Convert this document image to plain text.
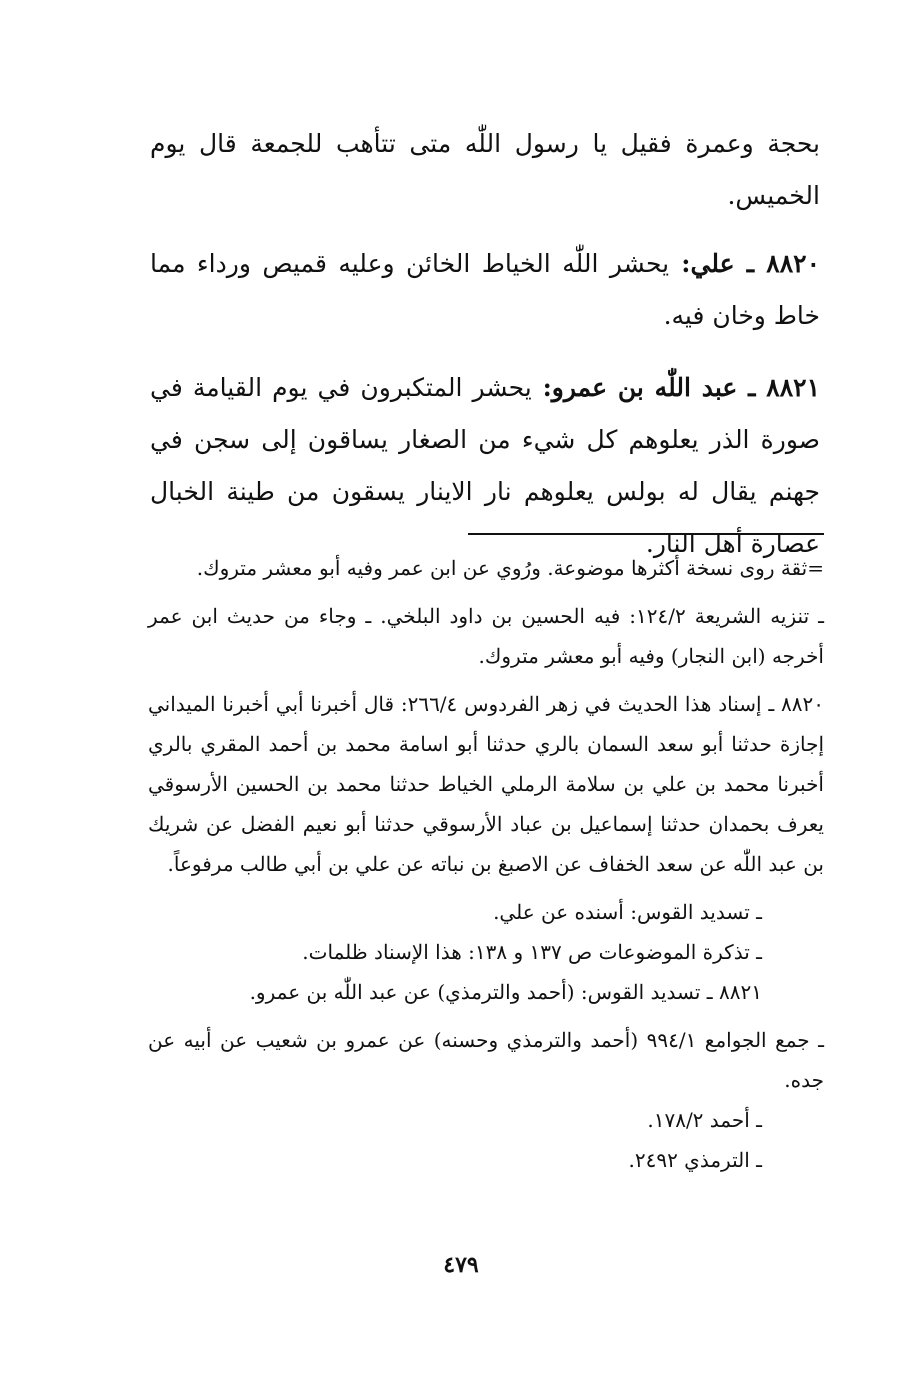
بحجة وعمرة فقيل يا رسول اللّٰه متى تتأهب للجمعة قال يوم الخميس.

٨٨٢٠ ـ علي: يحشر اللّٰه الخياط الخائن وعليه قميص ورداء مما خاط وخان فيه.

٨٨٢١ ـ عبد اللّٰه بن عمرو: يحشر المتكبرون في يوم القيامة في صورة الذر يعلوهم كل شيء من الصغار يساقون إلى سجن في جهنم يقال له بولس يعلوهم نار الاينار يسقون من طينة الخبال عصارة أهل النار.

=ثقة روى نسخة أكثرها موضوعة. ورُوي عن ابن عمر وفيه أبو معشر متروك.

ـ تنزيه الشريعة ١٢٤/٢: فيه الحسين بن داود البلخي. ـ وجاء من حديث ابن عمر أخرجه (ابن النجار) وفيه أبو معشر متروك.

٨٨٢٠ ـ إسناد هذا الحديث في زهر الفردوس ٢٦٦/٤: قال أخبرنا أبي أخبرنا الميداني إجازة حدثنا أبو سعد السمان بالري حدثنا أبو اسامة محمد بن أحمد المقري بالري أخبرنا محمد بن علي بن سلامة الرملي الخياط حدثنا محمد بن الحسين الأرسوقي يعرف بحمدان حدثنا إسماعيل بن عباد الأرسوقي حدثنا أبو نعيم الفضل عن شريك بن عبد اللّٰه عن سعد الخفاف عن الاصبغ بن نباته عن علي بن أبي طالب مرفوعاً.

ـ تسديد القوس: أسنده عن علي.

ـ تذكرة الموضوعات ص ١٣٧ و ١٣٨: هذا الإسناد ظلمات.

٨٨٢١ ـ تسديد القوس: (أحمد والترمذي) عن عبد اللّٰه بن عمرو.

ـ جمع الجوامع ٩٩٤/١ (أحمد والترمذي وحسنه) عن عمرو بن شعيب عن أبيه عن جده.

ـ أحمد ١٧٨/٢.

ـ الترمذي ٢٤٩٢.

٤٧٩
